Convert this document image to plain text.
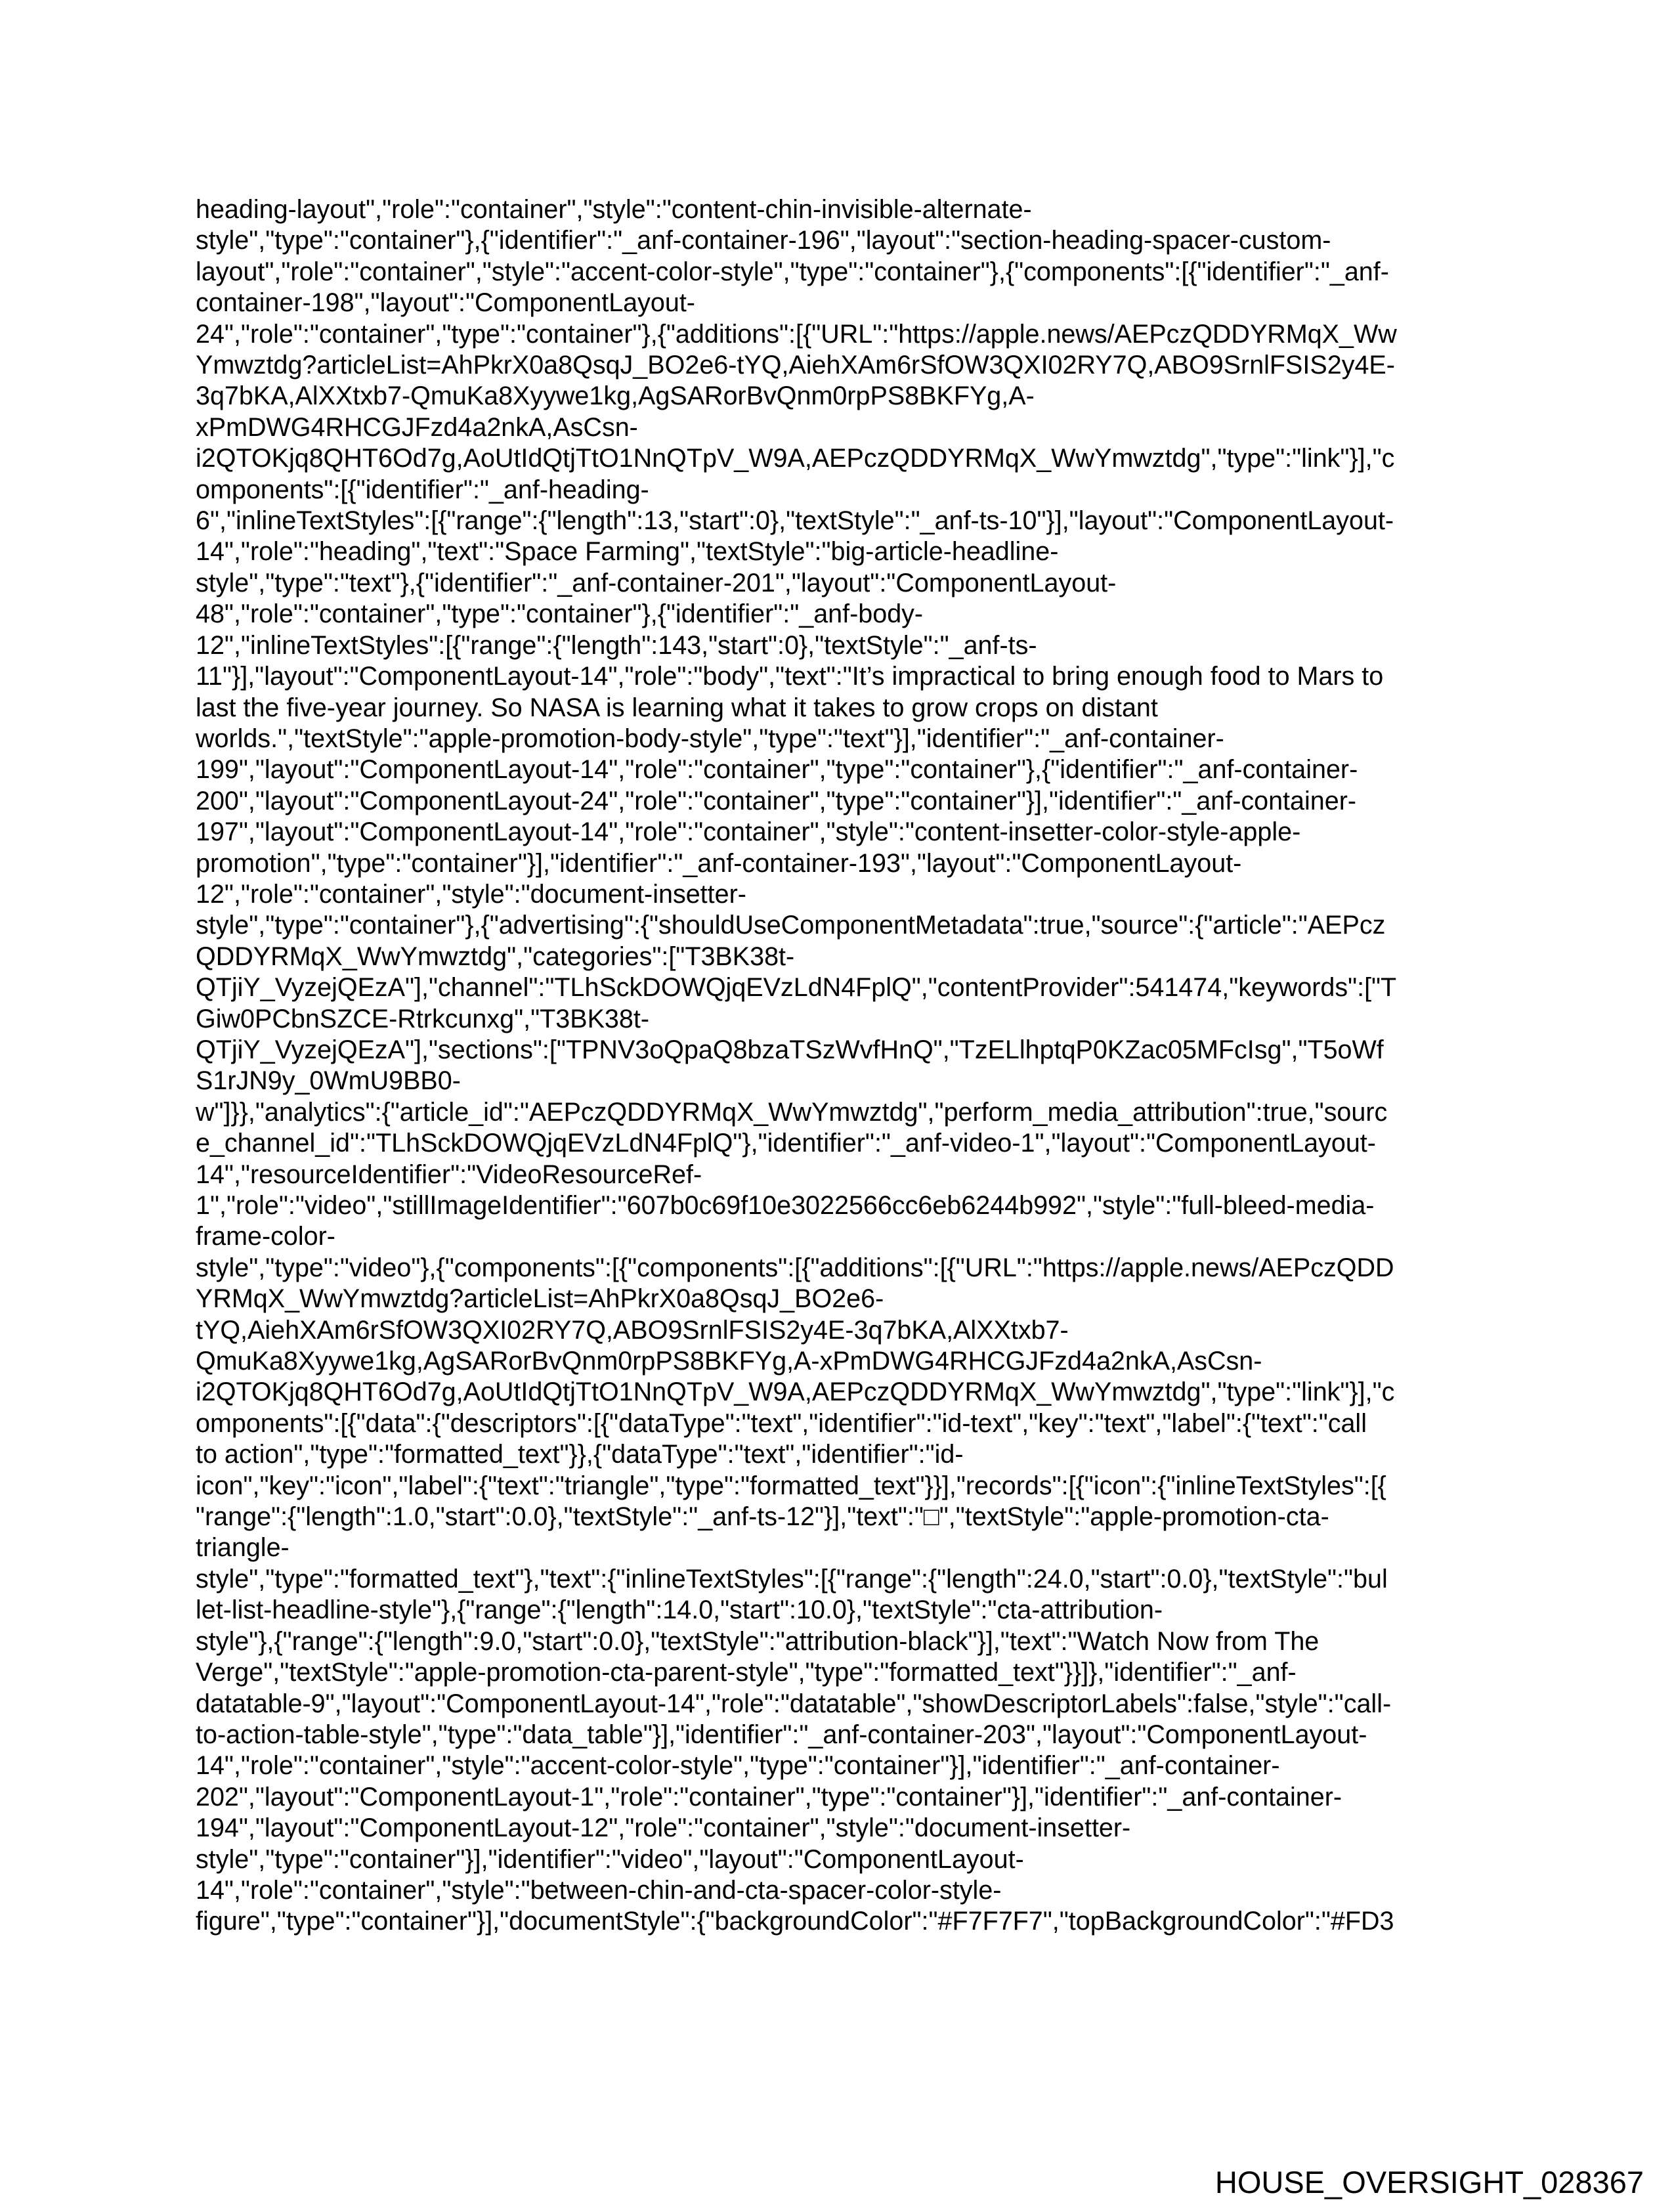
heading-layout","role":"container","style":"content-chin-invisible-alternate-
style","type":"container"},{"identifier":"_anf-container-196","layout":"section-heading-spacer-custom-
layout","role":"container","style":"accent-color-style","type":"container"},{"components":[{"identifier":"_anf-
container-198","layout":"ComponentLayout-
24","role":"container","type":"container"},{"additions":[{"URL":"https://apple.news/AEPczQDDYRMqX_Ww
Ymwztdg?articleList=AhPkrX0a8QsqJ_BO2e6-tYQ,AiehXAm6rSfOW3QXI02RY7Q,ABO9SrnlFSIS2y4E-
3q7bKA,AlXXtxb7-QmuKa8Xyywe1kg,AgSARorBvQnm0rpPS8BKFYg,A-
xPmDWG4RHCGJFzd4a2nkA,AsCsn-
i2QTOKjq8QHT6Od7g,AoUtIdQtjTtO1NnQTpV_W9A,AEPczQDDYRMqX_WwYmwztdg","type":"link"}],"c
omponents":[{"identifier":"_anf-heading-
6","inlineTextStyles":[{"range":{"length":13,"start":0},"textStyle":"_anf-ts-10"}],"layout":"ComponentLayout-
14","role":"heading","text":"Space Farming","textStyle":"big-article-headline-
style","type":"text"},{"identifier":"_anf-container-201","layout":"ComponentLayout-
48","role":"container","type":"container"},{"identifier":"_anf-body-
12","inlineTextStyles":[{"range":{"length":143,"start":0},"textStyle":"_anf-ts-
11"}],"layout":"ComponentLayout-14","role":"body","text":"It’s impractical to bring enough food to Mars to
last the five-year journey. So NASA is learning what it takes to grow crops on distant
worlds.","textStyle":"apple-promotion-body-style","type":"text"}],"identifier":"_anf-container-
199","layout":"ComponentLayout-14","role":"container","type":"container"},{"identifier":"_anf-container-
200","layout":"ComponentLayout-24","role":"container","type":"container"}],"identifier":"_anf-container-
197","layout":"ComponentLayout-14","role":"container","style":"content-insetter-color-style-apple-
promotion","type":"container"}],"identifier":"_anf-container-193","layout":"ComponentLayout-
12","role":"container","style":"document-insetter-
style","type":"container"},{"advertising":{"shouldUseComponentMetadata":true,"source":{"article":"AEPcz
QDDYRMqX_WwYmwztdg","categories":["T3BK38t-
QTjiY_VyzejQEzA"],"channel":"TLhSckDOWQjqEVzLdN4FplQ","contentProvider":541474,"keywords":["T
Giw0PCbnSZCE-Rtrkcunxg","T3BK38t-
QTjiY_VyzejQEzA"],"sections":["TPNV3oQpaQ8bzaTSzWvfHnQ","TzELlhptqP0KZac05MFcIsg","T5oWf
S1rJN9y_0WmU9BB0-
w"]}},"analytics":{"article_id":"AEPczQDDYRMqX_WwYmwztdg","perform_media_attribution":true,"sourc
e_channel_id":"TLhSckDOWQjqEVzLdN4FplQ"},"identifier":"_anf-video-1","layout":"ComponentLayout-
14","resourceIdentifier":"VideoResourceRef-
1","role":"video","stillImageIdentifier":"607b0c69f10e3022566cc6eb6244b992","style":"full-bleed-media-
frame-color-
style","type":"video"},{"components":[{"components":[{"additions":[{"URL":"https://apple.news/AEPczQDD
YRMqX_WwYmwztdg?articleList=AhPkrX0a8QsqJ_BO2e6-
tYQ,AiehXAm6rSfOW3QXI02RY7Q,ABO9SrnlFSIS2y4E-3q7bKA,AlXXtxb7-
QmuKa8Xyywe1kg,AgSARorBvQnm0rpPS8BKFYg,A-xPmDWG4RHCGJFzd4a2nkA,AsCsn-
i2QTOKjq8QHT6Od7g,AoUtIdQtjTtO1NnQTpV_W9A,AEPczQDDYRMqX_WwYmwztdg","type":"link"}],"c
omponents":[{"data":{"descriptors":[{"dataType":"text","identifier":"id-text","key":"text","label":{"text":"call
to action","type":"formatted_text"}},{"dataType":"text","identifier":"id-
icon","key":"icon","label":{"text":"triangle","type":"formatted_text"}}],"records":[{"icon":{"inlineTextStyles":[{
"range":{"length":1.0,"start":0.0},"textStyle":"_anf-ts-12"}],"text":"□","textStyle":"apple-promotion-cta-
triangle-
style","type":"formatted_text"},"text":{"inlineTextStyles":[{"range":{"length":24.0,"start":0.0},"textStyle":"bul
let-list-headline-style"},{"range":{"length":14.0,"start":10.0},"textStyle":"cta-attribution-
style"},{"range":{"length":9.0,"start":0.0},"textStyle":"attribution-black"}],"text":"Watch Now from The
Verge","textStyle":"apple-promotion-cta-parent-style","type":"formatted_text"}}]},"identifier":"_anf-
datatable-9","layout":"ComponentLayout-14","role":"datatable","showDescriptorLabels":false,"style":"call-
to-action-table-style","type":"data_table"}],"identifier":"_anf-container-203","layout":"ComponentLayout-
14","role":"container","style":"accent-color-style","type":"container"}],"identifier":"_anf-container-
202","layout":"ComponentLayout-1","role":"container","type":"container"}],"identifier":"_anf-container-
194","layout":"ComponentLayout-12","role":"container","style":"document-insetter-
style","type":"container"}],"identifier":"video","layout":"ComponentLayout-
14","role":"container","style":"between-chin-and-cta-spacer-color-style-
figure","type":"container"}],"documentStyle":{"backgroundColor":"#F7F7F7","topBackgroundColor":"#FD3
HOUSE_OVERSIGHT_028367
